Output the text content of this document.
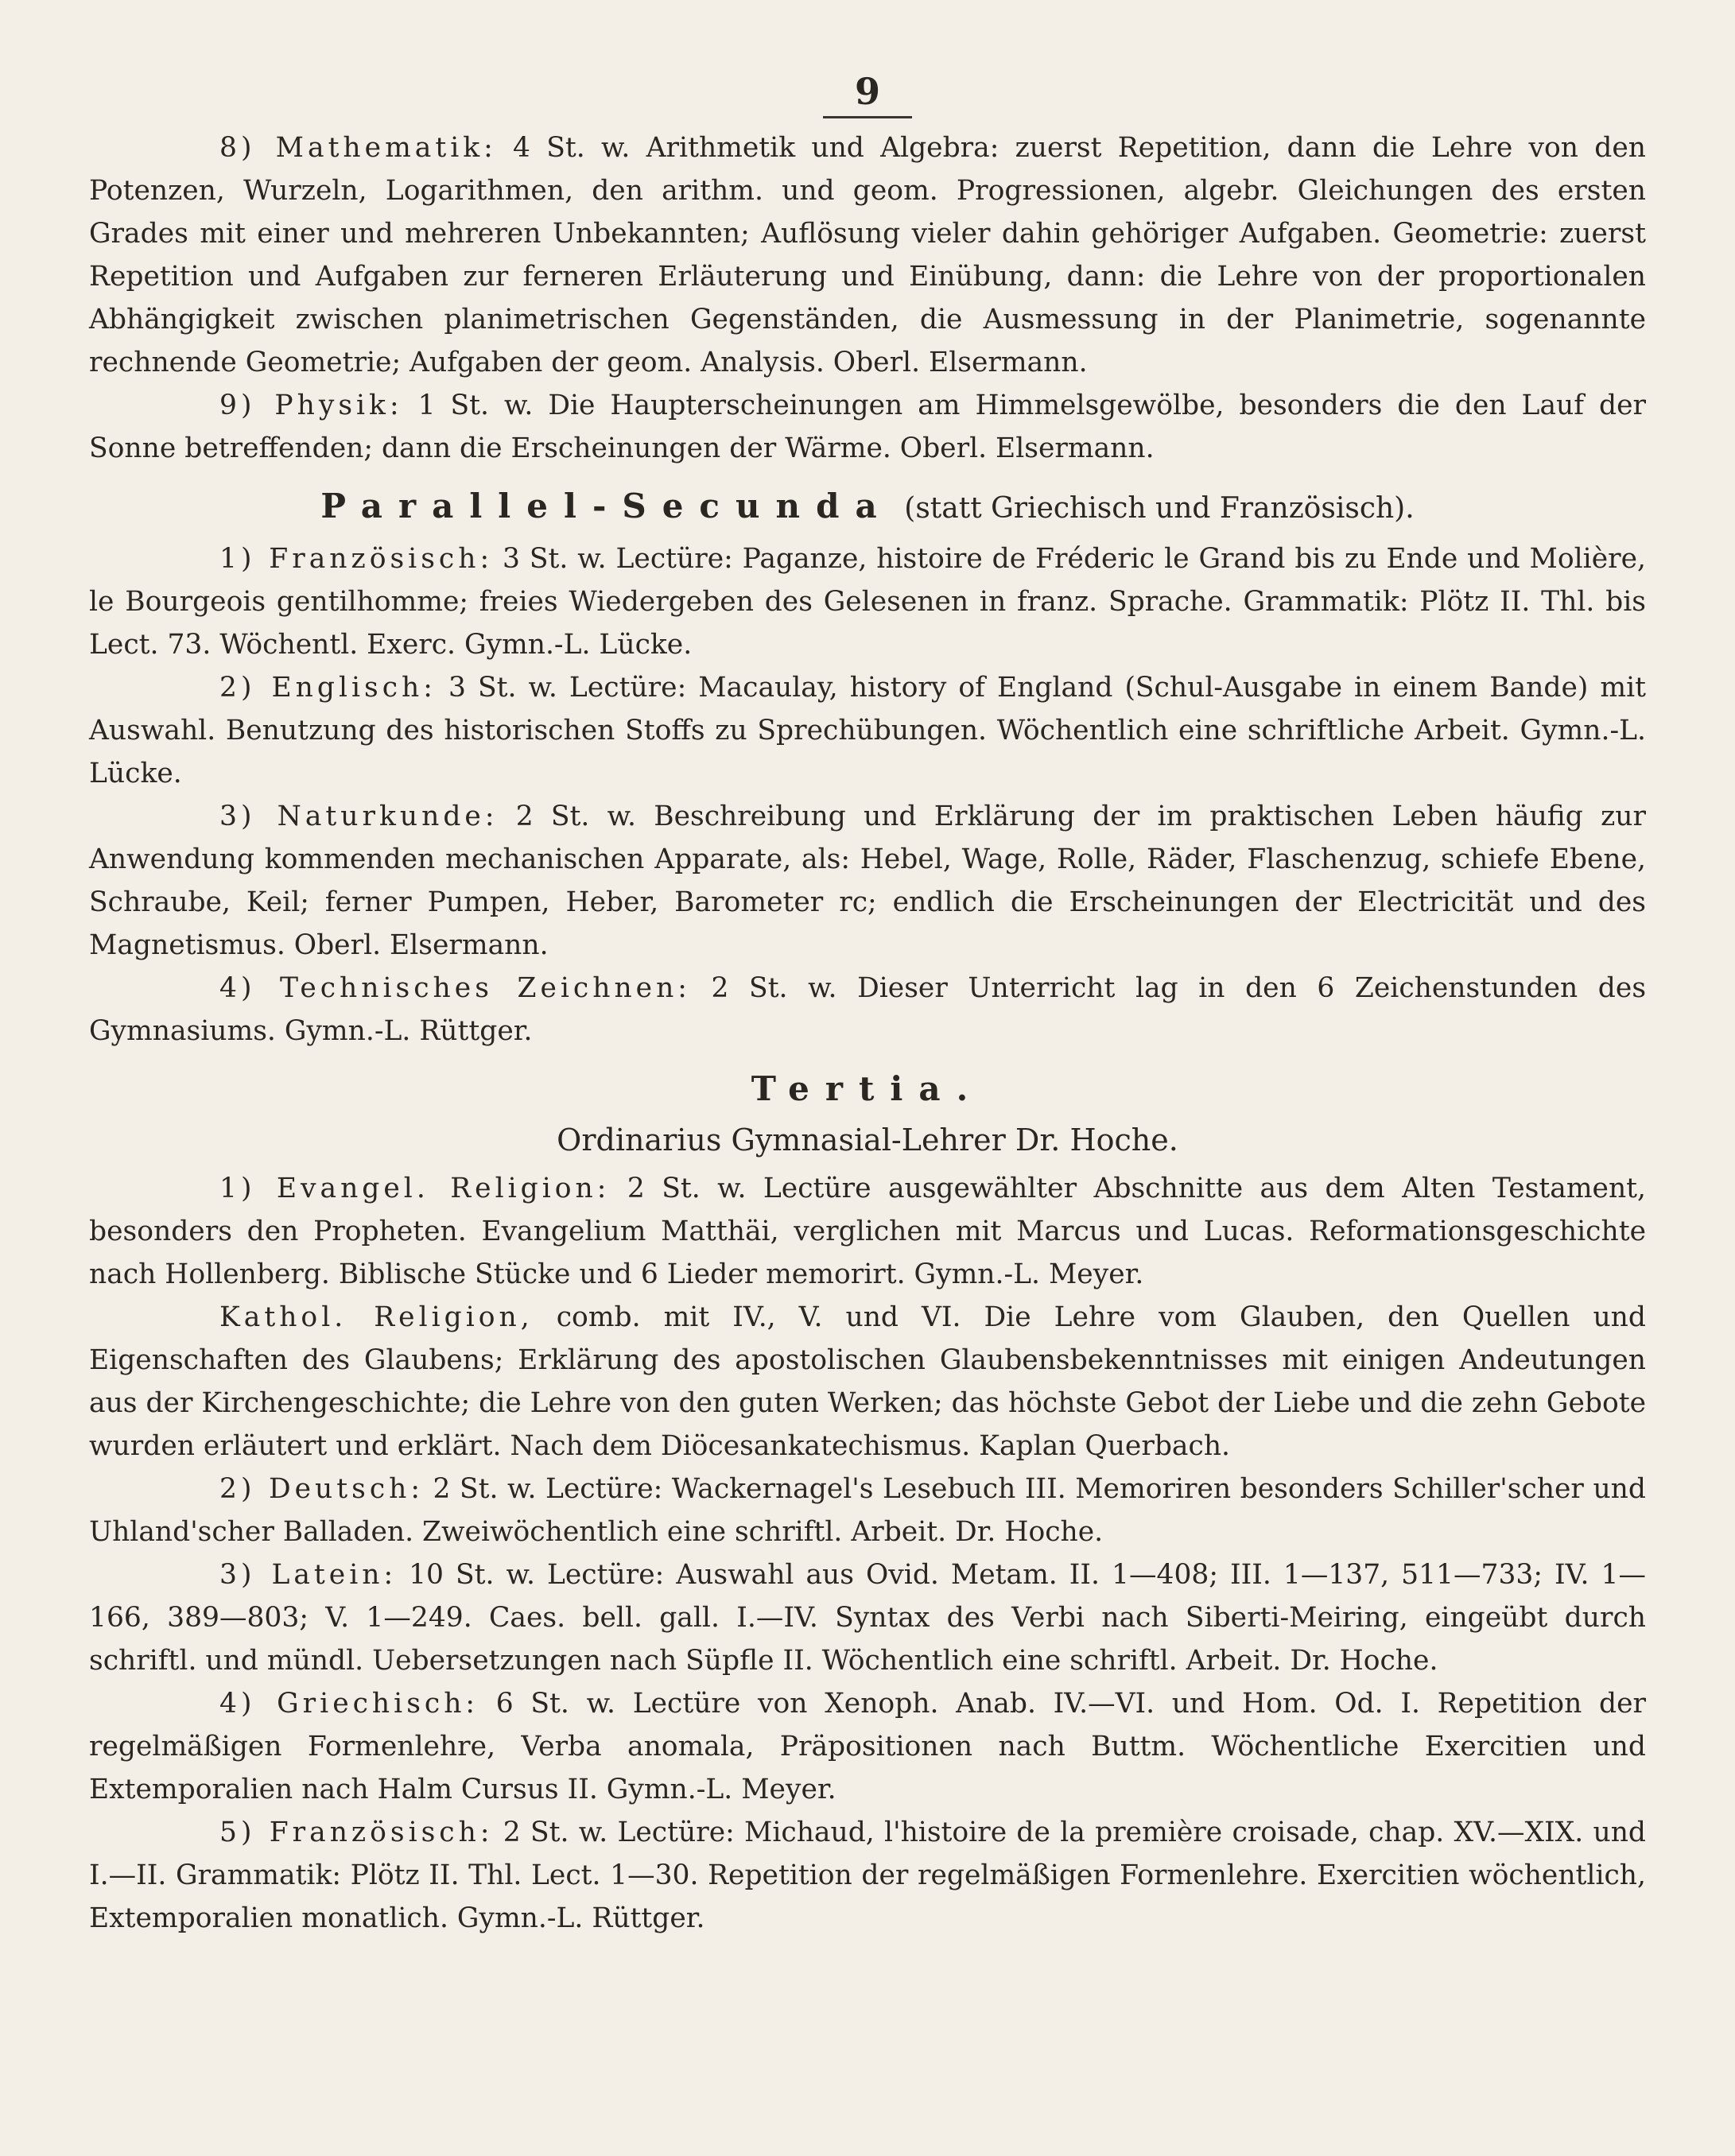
9

8) Mathematik: 4 St. w. Arithmetik und Algebra: zuerst Repetition, dann die Lehre von den Potenzen, Wurzeln, Logarithmen, den arithm. und geom. Progressionen, algebr. Gleichungen des ersten Grades mit einer und mehreren Unbekannten; Auflösung vieler dahin gehöriger Aufgaben. Geometrie: zuerst Repetition und Aufgaben zur ferneren Erläuterung und Einübung, dann: die Lehre von der proportionalen Abhängigkeit zwischen planimetrischen Gegenständen, die Ausmessung in der Planimetrie, sogenannte rechnende Geometrie; Aufgaben der geom. Analysis. Oberl. Elsermann.

9) Physik: 1 St. w. Die Haupterscheinungen am Himmelsgewölbe, besonders die den Lauf der Sonne betreffenden; dann die Erscheinungen der Wärme. Oberl. Elsermann.

Parallel-Secunda (statt Griechisch und Französisch).

1) Französisch: 3 St. w. Lectüre: Paganze, histoire de Fréderic le Grand bis zu Ende und Molière, le Bourgeois gentilhomme; freies Wiedergeben des Gelesenen in franz. Sprache. Grammatik: Plötz II. Thl. bis Lect. 73. Wöchentl. Exerc. Gymn.-L. Lücke.

2) Englisch: 3 St. w. Lectüre: Macaulay, history of England (Schul-Ausgabe in einem Bande) mit Auswahl. Benutzung des historischen Stoffs zu Sprechübungen. Wöchentlich eine schriftliche Arbeit. Gymn.-L. Lücke.

3) Naturkunde: 2 St. w. Beschreibung und Erklärung der im praktischen Leben häufig zur Anwendung kommenden mechanischen Apparate, als: Hebel, Wage, Rolle, Räder, Flaschenzug, schiefe Ebene, Schraube, Keil; ferner Pumpen, Heber, Barometer rc; endlich die Erscheinungen der Electricität und des Magnetismus. Oberl. Elsermann.

4) Technisches Zeichnen: 2 St. w. Dieser Unterricht lag in den 6 Zeichenstunden des Gymnasiums. Gymn.-L. Rüttger.

Tertia.
Ordinarius Gymnasial-Lehrer Dr. Hoche.

1) Evangel. Religion: 2 St. w. Lectüre ausgewählter Abschnitte aus dem Alten Testament, besonders den Propheten. Evangelium Matthäi, verglichen mit Marcus und Lucas. Reformationsgeschichte nach Hollenberg. Biblische Stücke und 6 Lieder memorirt. Gymn.-L. Meyer.

Kathol. Religion, comb. mit IV., V. und VI. Die Lehre vom Glauben, den Quellen und Eigenschaften des Glaubens; Erklärung des apostolischen Glaubensbekenntnisses mit einigen Andeutungen aus der Kirchengeschichte; die Lehre von den guten Werken; das höchste Gebot der Liebe und die zehn Gebote wurden erläutert und erklärt. Nach dem Diöcesankatechismus. Kaplan Querbach.

2) Deutsch: 2 St. w. Lectüre: Wackernagel's Lesebuch III. Memoriren besonders Schiller'scher und Uhland'scher Balladen. Zweiwöchentlich eine schriftl. Arbeit. Dr. Hoche.

3) Latein: 10 St. w. Lectüre: Auswahl aus Ovid. Metam. II. 1—408; III. 1—137, 511—733; IV. 1—166, 389—803; V. 1—249. Caes. bell. gall. I.—IV. Syntax des Verbi nach Siberti-Meiring, eingeübt durch schriftl. und mündl. Uebersetzungen nach Süpfle II. Wöchentlich eine schriftl. Arbeit. Dr. Hoche.

4) Griechisch: 6 St. w. Lectüre von Xenoph. Anab. IV.—VI. und Hom. Od. I. Repetition der regelmäßigen Formenlehre, Verba anomala, Präpositionen nach Buttm. Wöchentliche Exercitien und Extemporalien nach Halm Cursus II. Gymn.-L. Meyer.

5) Französisch: 2 St. w. Lectüre: Michaud, l'histoire de la première croisade, chap. XV.—XIX. und I.—II. Grammatik: Plötz II. Thl. Lect. 1—30. Repetition der regelmäßigen Formenlehre. Exercitien wöchentlich, Extemporalien monatlich. Gymn.-L. Rüttger.
